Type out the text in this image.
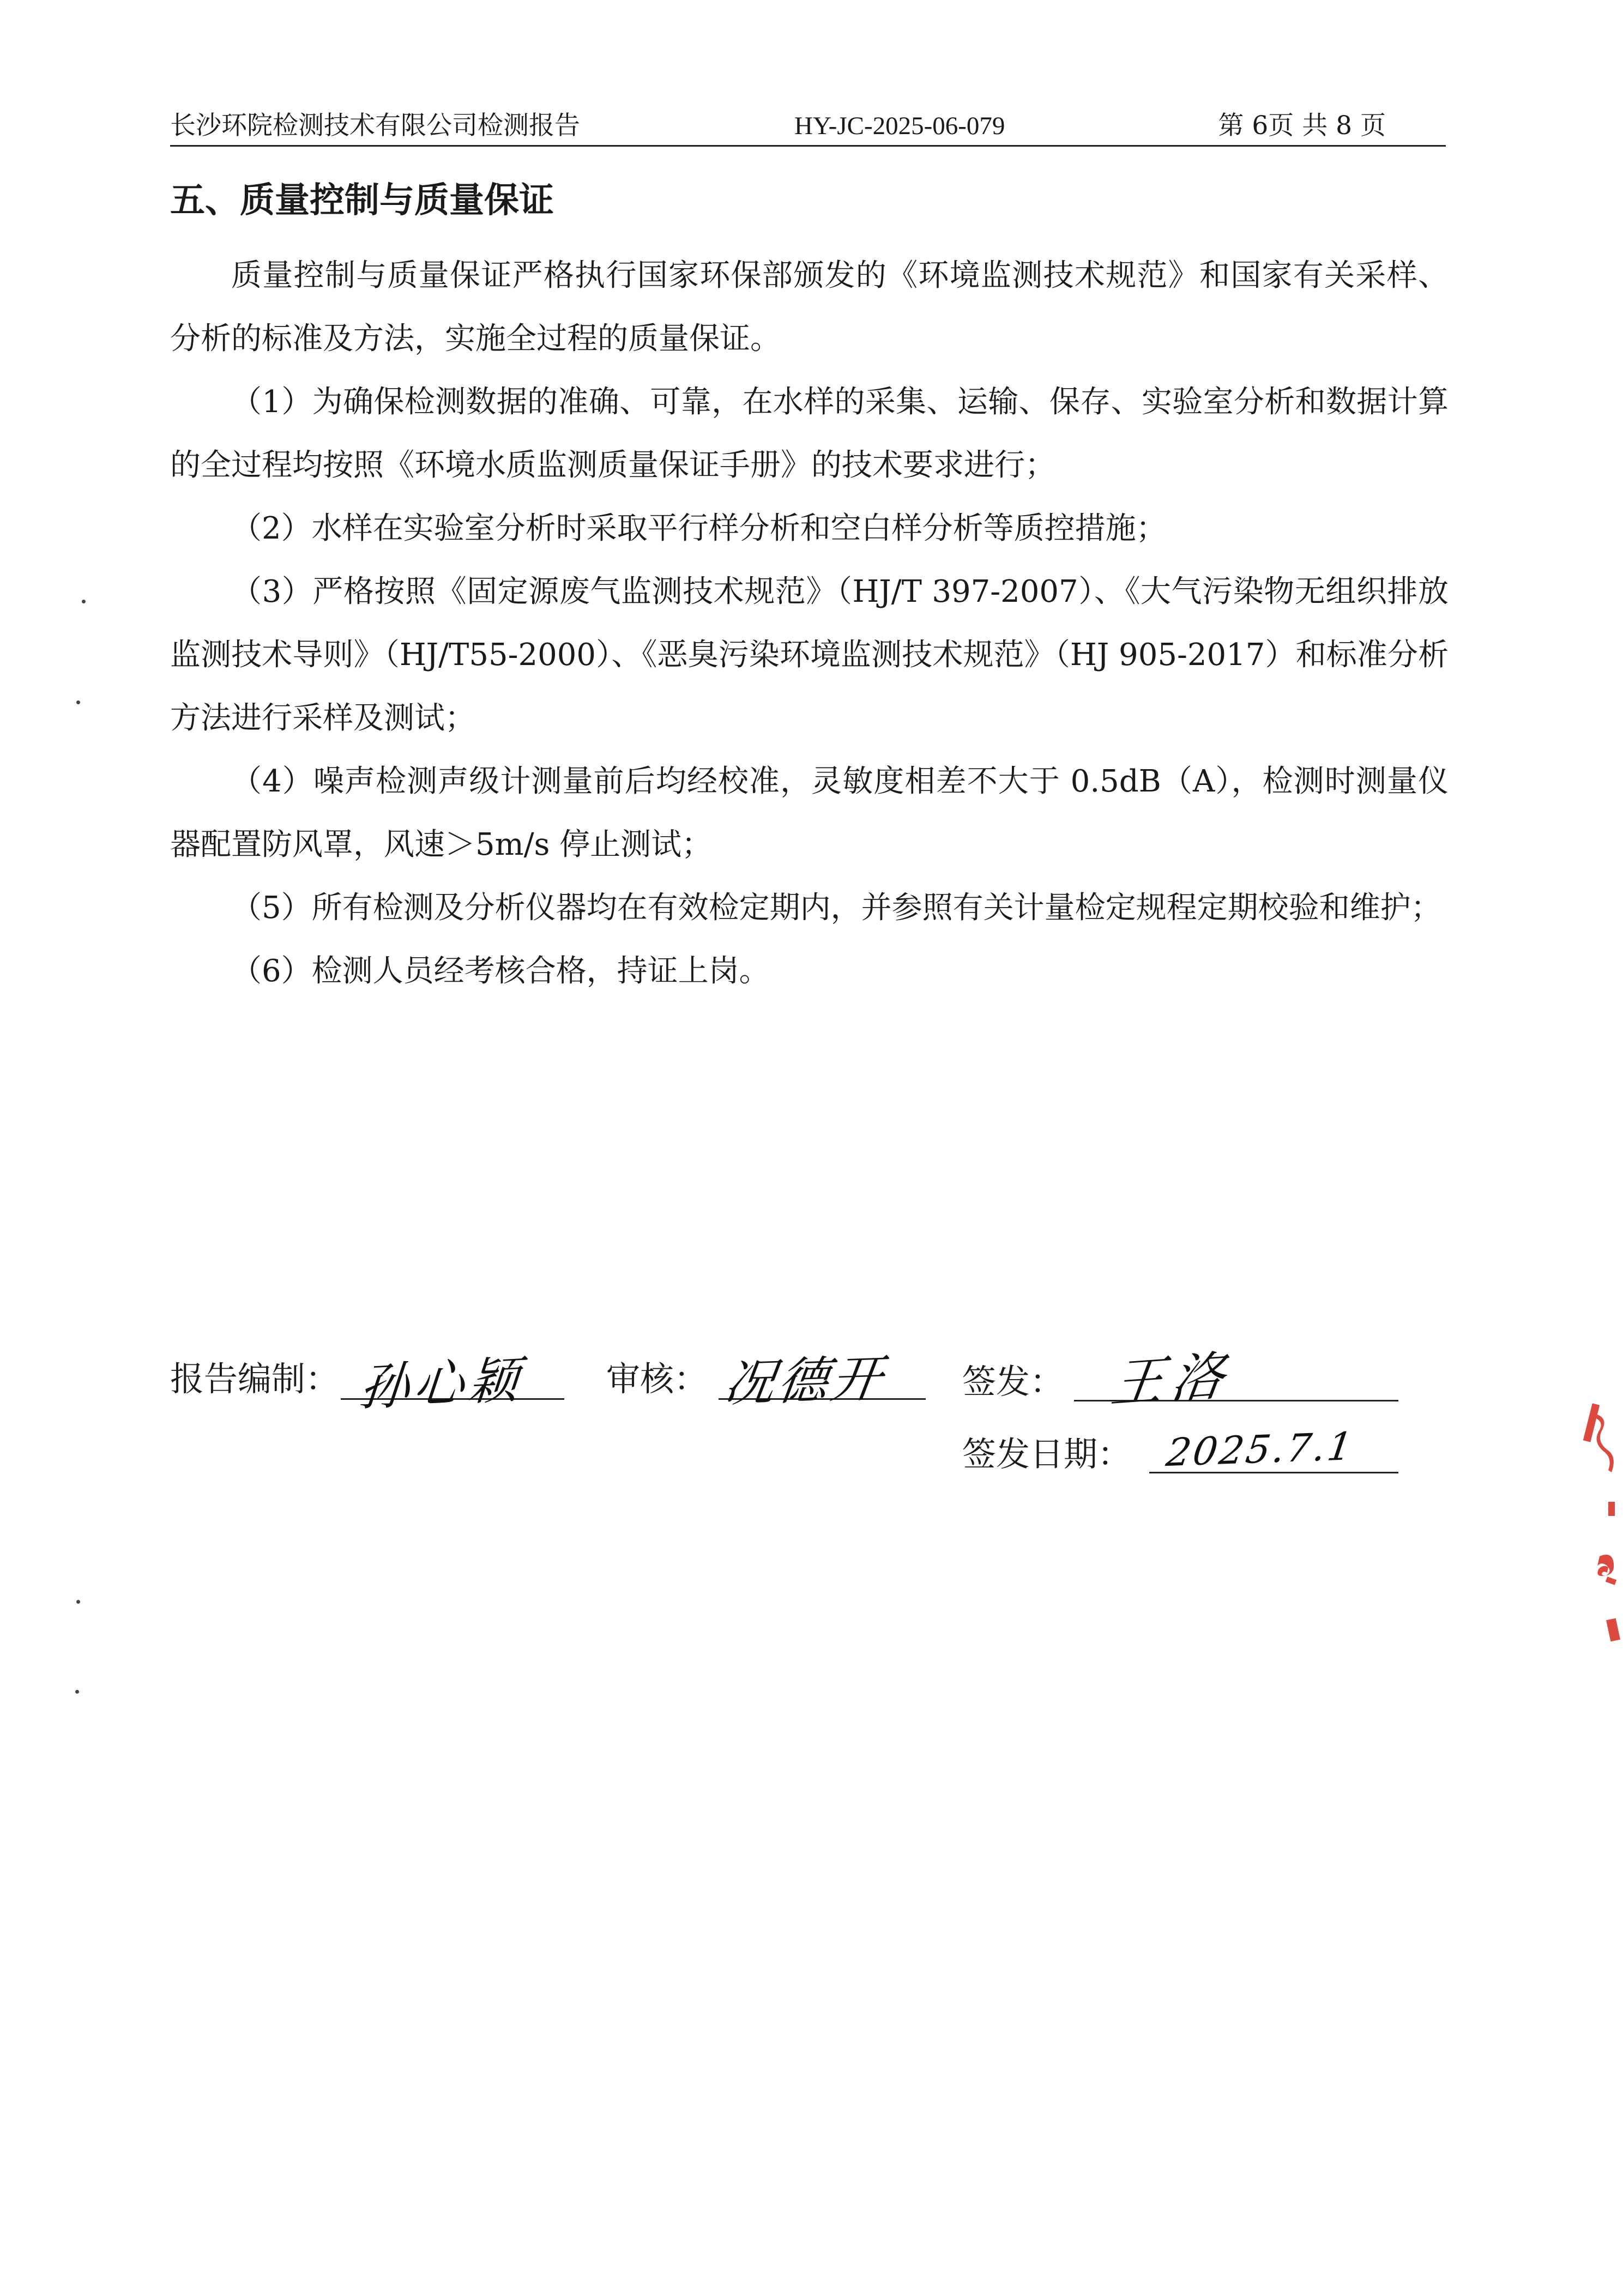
长沙环院检测技术有限公司检测报告	HY-JC-2025-06-079	第 6页 共 8 页
五、质量控制与质量保证

质量控制与质量保证严格执行国家环保部颁发的《环境监测技术规范》和国家有关采样、分析的标准及方法，实施全过程的质量保证。

（1）为确保检测数据的准确、可靠，在水样的采集、运输、保存、实验室分析和数据计算的全过程均按照《环境水质监测质量保证手册》的技术要求进行；

（2）水样在实验室分析时采取平行样分析和空白样分析等质控措施；

（3）严格按照《固定源废气监测技术规范》（HJ/T 397-2007）、《大气污染物无组织排放监测技术导则》（HJ/T55-2000）、《恶臭污染环境监测技术规范》（HJ 905-2017）和标准分析方法进行采样及测试；

（4）噪声检测声级计测量前后均经校准，灵敏度相差不大于 0.5dB（A），检测时测量仪器配置防风罩，风速＞5m/s 停止测试；

（5）所有检测及分析仪器均在有效检定期内，并参照有关计量检定规程定期校验和维护；

（6）检测人员经考核合格，持证上岗。

报告编制： 孙心颖 审核： 况德开 签发： 王洛
签发日期： 2025.7.1
